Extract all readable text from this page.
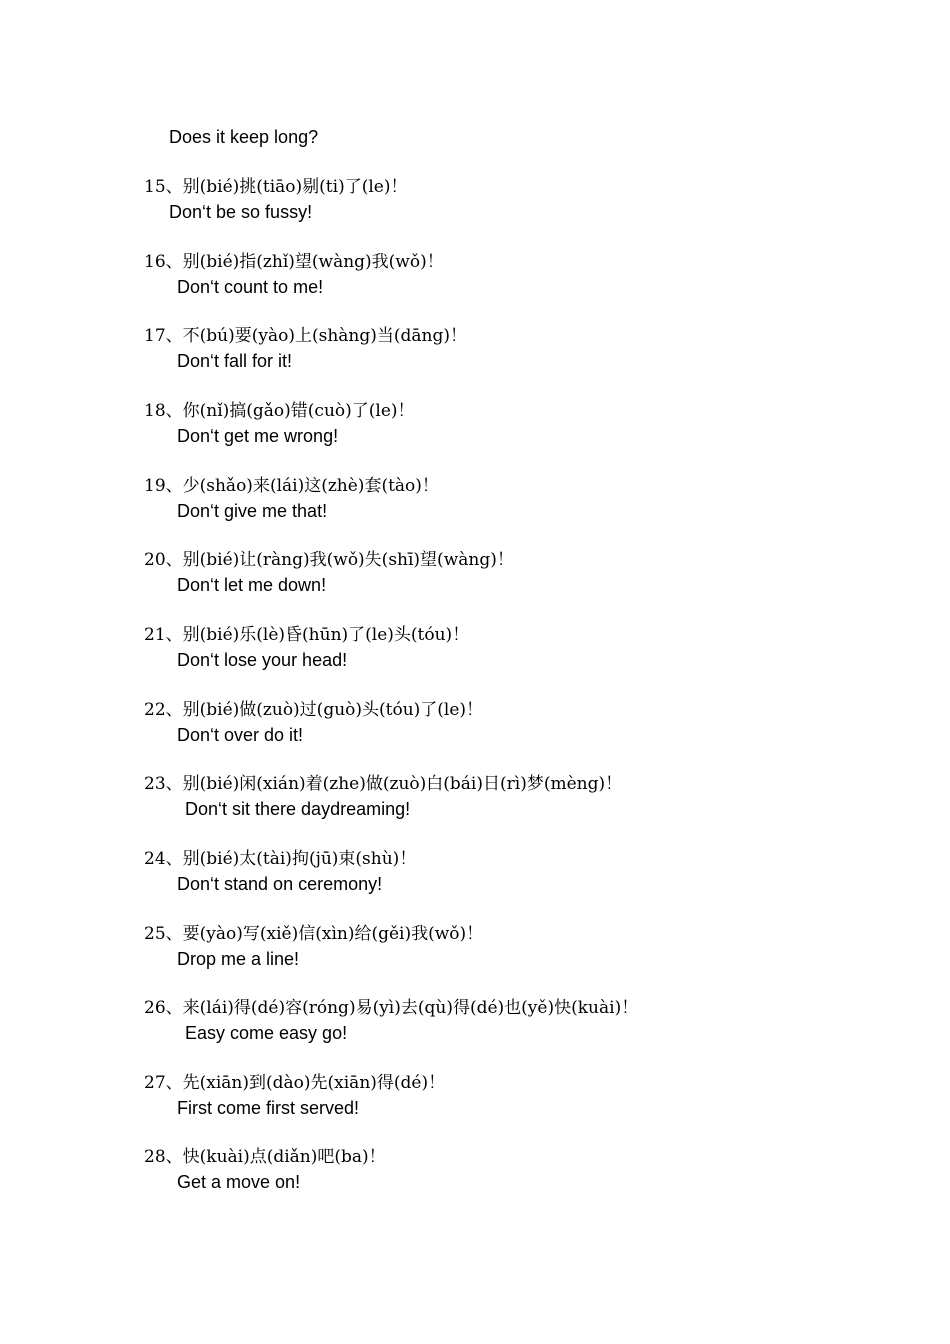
Does it keep long?
15、别(bié)挑(tiāo)剔(ti)了(le)！
Don‘t be so fussy!
16、别(bié)指(zhǐ)望(wàng)我(wǒ)！
Don‘t count to me!
17、不(bú)要(yào)上(shàng)当(dāng)！
Don‘t fall for it!
18、你(nǐ)搞(gǎo)错(cuò)了(le)！
Don‘t get me wrong!
19、少(shǎo)来(lái)这(zhè)套(tào)！
Don‘t give me that!
20、别(bié)让(ràng)我(wǒ)失(shī)望(wàng)！
Don‘t let me down!
21、别(bié)乐(lè)昏(hūn)了(le)头(tóu)！
Don‘t lose your head!
22、别(bié)做(zuò)过(guò)头(tóu)了(le)！
Don‘t over do it!
23、别(bié)闲(xián)着(zhe)做(zuò)白(bái)日(rì)梦(mèng)！
Don‘t sit there daydreaming!
24、别(bié)太(tài)拘(jū)束(shù)！
Don‘t stand on ceremony!
25、要(yào)写(xiě)信(xìn)给(gěi)我(wǒ)！
Drop me a line!
26、来(lái)得(dé)容(róng)易(yì)去(qù)得(dé)也(yě)快(kuài)！
Easy come easy go!
27、先(xiān)到(dào)先(xiān)得(dé)！
First come first served!
28、快(kuài)点(diǎn)吧(ba)！
Get a move on!
